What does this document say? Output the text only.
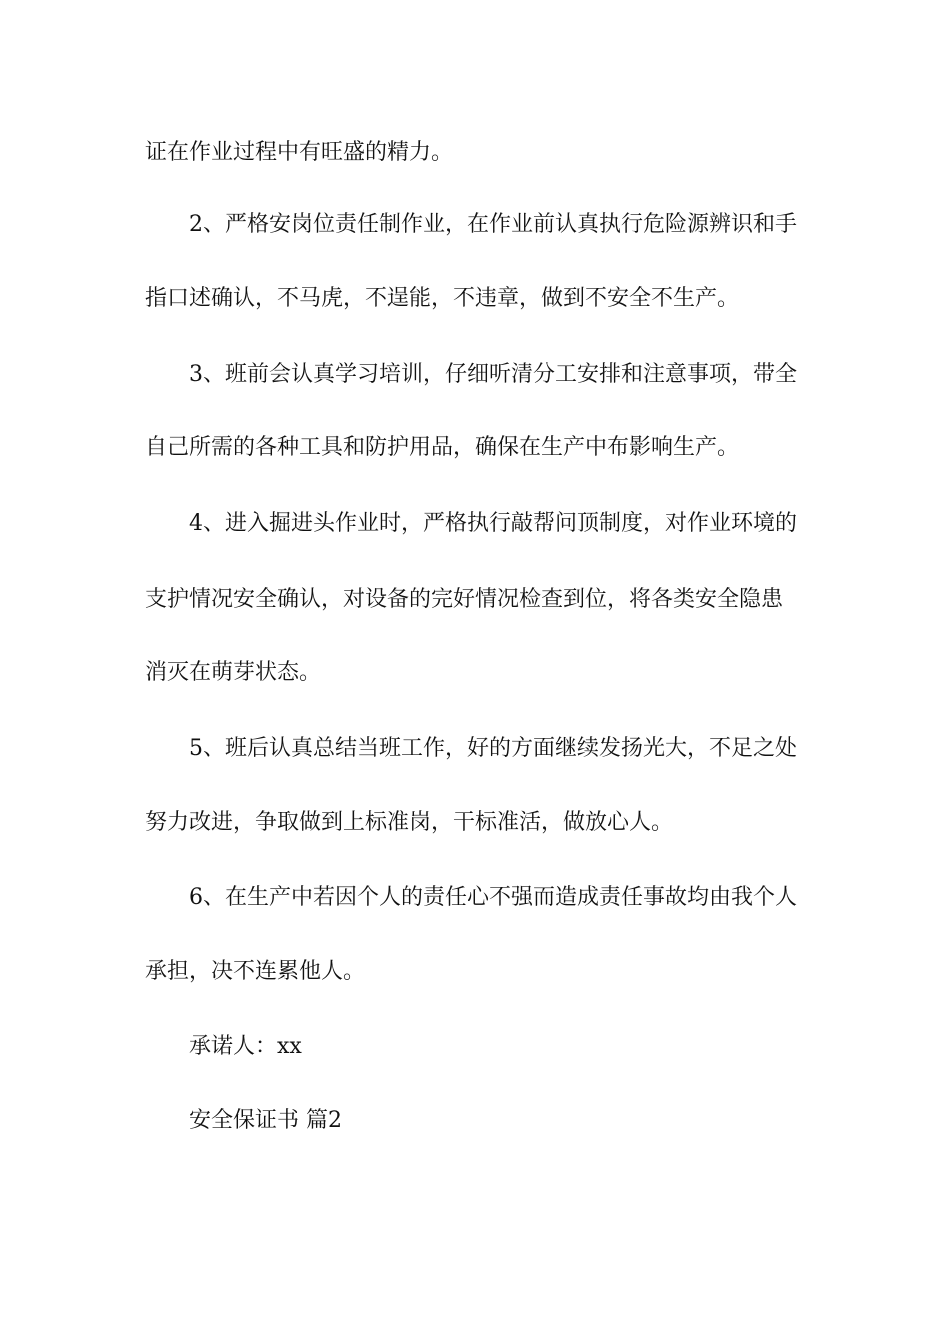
证在作业过程中有旺盛的精力。
2、严格安岗位责任制作业，在作业前认真执行危险源辨识和手
指口述确认，不马虎，不逞能，不违章，做到不安全不生产。
3、班前会认真学习培训，仔细听清分工安排和注意事项，带全
自己所需的各种工具和防护用品，确保在生产中布影响生产。
4、进入掘进头作业时，严格执行敲帮问顶制度，对作业环境的
支护情况安全确认，对设备的完好情况检查到位，将各类安全隐患
消灭在萌芽状态。
5、班后认真总结当班工作，好的方面继续发扬光大，不足之处
努力改进，争取做到上标准岗，干标准活，做放心人。
6、在生产中若因个人的责任心不强而造成责任事故均由我个人
承担，决不连累他人。
承诺人：xx
安全保证书 篇2
